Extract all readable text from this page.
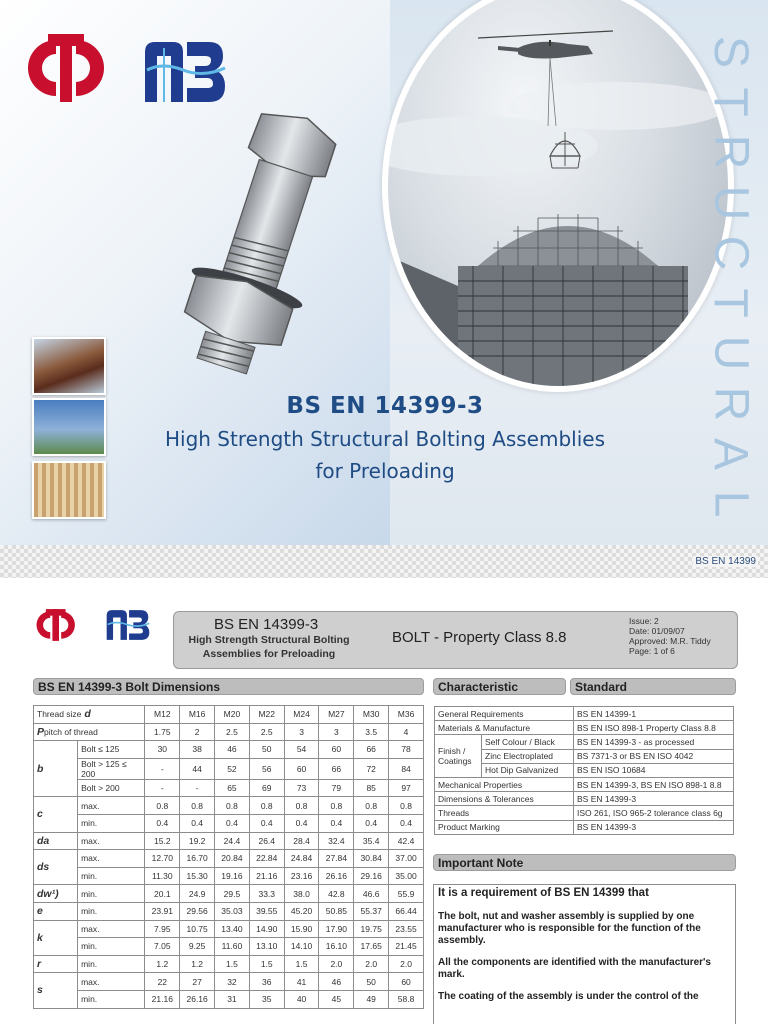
S
T
R
U
C
T
U
R
A
L
BS EN 14399-3
High Strength Structural Bolting Assemblies
for Preloading
BS EN 14399
BS EN 14399-3
High Strength Structural Bolting
Assemblies for Preloading
BOLT - Property Class 8.8
Issue: 2
Date: 01/09/07
Approved: M.R. Tiddy
Page: 1 of 6
BS EN 14399-3 Bolt Dimensions	Characteristic	Standard
Important Note
Thread size d		M12	M16	M20	M22	M24	M27	M30	M36
Ppitch of thread		1.75	2	2.5	2.5	3	3	3.5	4
b	Bolt ≤ 125	30	38	46	50	54	60	66	78
	Bolt > 125 ≤ 200	-	44	52	56	60	66	72	84
	Bolt > 200	-	-	65	69	73	79	85	97
c	max.	0.8	0.8	0.8	0.8	0.8	0.8	0.8	0.8
	min.	0.4	0.4	0.4	0.4	0.4	0.4	0.4	0.4
da	max.	15.2	19.2	24.4	26.4	28.4	32.4	35.4	42.4
ds	max.	12.70	16.70	20.84	22.84	24.84	27.84	30.84	37.00
	min.	11.30	15.30	19.16	21.16	23.16	26.16	29.16	35.00
dw¹)	min.	20.1	24.9	29.5	33.3	38.0	42.8	46.6	55.9
e	min.	23.91	29.56	35.03	39.55	45.20	50.85	55.37	66.44
k	max.	7.95	10.75	13.40	14.90	15.90	17.90	19.75	23.55
	min.	7.05	9.25	11.60	13.10	14.10	16.10	17.65	21.45
r	min.	1.2	1.2	1.5	1.5	1.5	2.0	2.0	2.0
s	max.	22	27	32	36	41	46	50	60
	min.	21.16	26.16	31	35	40	45	49	58.8
General Requirements		BS EN 14399-1
Materials & Manufacture		BS EN ISO 898-1 Property Class 8.8
Finish / Coatings	Self Colour / Black	BS EN 14399-3 - as processed
	Zinc Electroplated	BS 7371-3 or BS EN ISO 4042
	Hot Dip Galvanized	BS EN ISO 10684
Mechanical Properties		BS EN 14399-3, BS EN ISO 898-1 8.8
Dimensions & Tolerances		BS EN 14399-3
Threads		ISO 261, ISO 965-2 tolerance class 6g
Product Marking		BS EN 14399-3

It is a requirement of BS EN 14399 that

The bolt, nut and washer assembly is supplied by one manufacturer who is responsible for the function of the assembly.

All the components are identified with the manufacturer's mark.

The coating of the assembly is under the control of the
